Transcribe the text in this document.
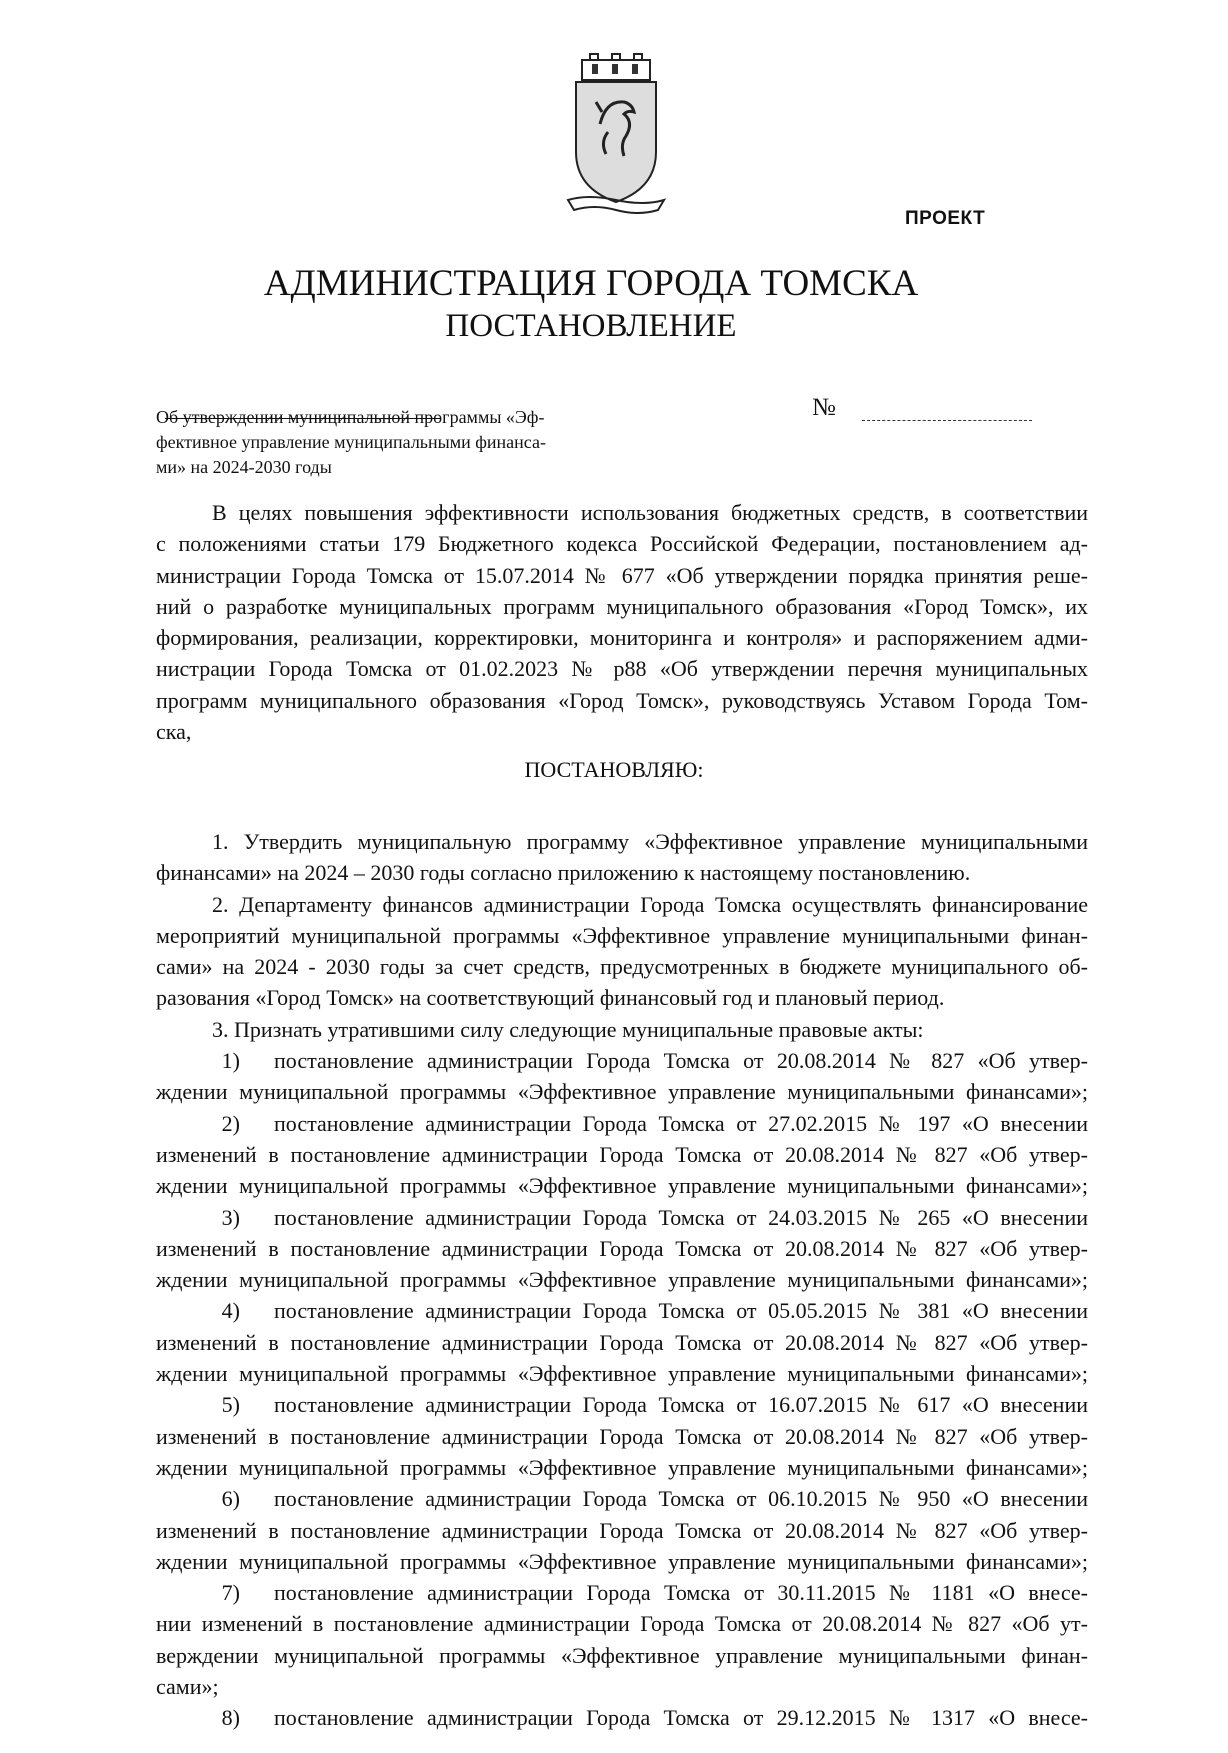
ПРОЕКТ
АДМИНИСТРАЦИЯ ГОРОДА ТОМСКА
ПОСТАНОВЛЕНИЕ
№
Об утверждении муниципальной программы «Эф-
фективное управление муниципальными финанса-
ми» на 2024-2030 годы
В целях повышения эффективности использования бюджетных средств, в соответствии
с положениями статьи 179 Бюджетного кодекса Российской Федерации, постановлением ад-
министрации Города Томска от 15.07.2014 № 677 «Об утверждении порядка принятия реше-
ний о разработке муниципальных программ муниципального образования «Город Томск», их
формирования, реализации, корректировки, мониторинга и контроля» и распоряжением адми-
нистрации Города Томска от 01.02.2023 № р88 «Об утверждении перечня муниципальных
программ муниципального образования «Город Томск», руководствуясь Уставом Города Том-
ска,
ПОСТАНОВЛЯЮ:
1. Утвердить муниципальную программу «Эффективное управление муниципальными
финансами» на 2024 – 2030 годы согласно приложению к настоящему постановлению.
2. Департаменту финансов администрации Города Томска осуществлять финансирование
мероприятий муниципальной программы «Эффективное управление муниципальными финан-
сами» на 2024 - 2030 годы за счет средств, предусмотренных в бюджете муниципального об-
разования «Город Томск» на соответствующий финансовый год и плановый период.
3. Признать утратившими силу следующие муниципальные правовые акты:
1)	постановление администрации Города Томска от 20.08.2014 № 827 «Об утвер-
ждении муниципальной программы «Эффективное управление муниципальными финансами»;
2)	постановление администрации Города Томска от 27.02.2015 № 197 «О внесении
изменений в постановление администрации Города Томска от 20.08.2014 № 827 «Об утвер-
ждении муниципальной программы «Эффективное управление муниципальными финансами»;
3)	постановление администрации Города Томска от 24.03.2015 № 265 «О внесении
изменений в постановление администрации Города Томска от 20.08.2014 № 827 «Об утвер-
ждении муниципальной программы «Эффективное управление муниципальными финансами»;
4)	постановление администрации Города Томска от 05.05.2015 № 381 «О внесении
изменений в постановление администрации Города Томска от 20.08.2014 № 827 «Об утвер-
ждении муниципальной программы «Эффективное управление муниципальными финансами»;
5)	постановление администрации Города Томска от 16.07.2015 № 617 «О внесении
изменений в постановление администрации Города Томска от 20.08.2014 № 827 «Об утвер-
ждении муниципальной программы «Эффективное управление муниципальными финансами»;
6)	постановление администрации Города Томска от 06.10.2015 № 950 «О внесении
изменений в постановление администрации Города Томска от 20.08.2014 № 827 «Об утвер-
ждении муниципальной программы «Эффективное управление муниципальными финансами»;
7)	постановление администрации Города Томска от 30.11.2015 № 1181 «О внесе-
нии изменений в постановление администрации Города Томска от 20.08.2014 № 827 «Об ут-
верждении муниципальной программы «Эффективное управление муниципальными финан-
сами»;
8)	постановление администрации Города Томска от 29.12.2015 № 1317 «О внесе-
